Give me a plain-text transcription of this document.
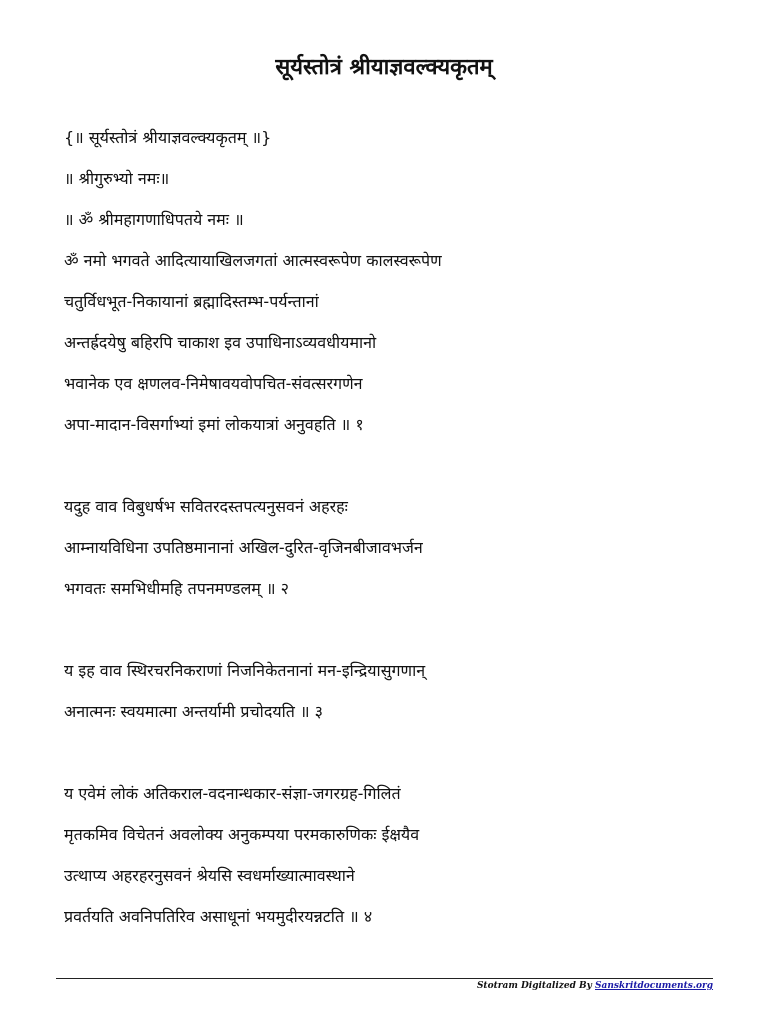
सूर्यस्तोत्रं श्रीयाज्ञवल्क्यकृतम्
{॥ सूर्यस्तोत्रं श्रीयाज्ञवल्क्यकृतम् ॥}
॥ श्रीगुरुभ्यो नमः॥
॥ ॐ श्रीमहागणाधिपतये नमः ॥
ॐ नमो भगवते आदित्यायाखिलजगतां आत्मस्वरूपेण कालस्वरूपेण
चतुर्विधभूत-निकायानां ब्रह्मादिस्तम्भ-पर्यन्तानां
अन्तर्ह्रदयेषु बहिरपि चाकाश इव उपाधिनाऽव्यवधीयमानो
भवानेक एव क्षणलव-निमेषावयवोपचित-संवत्सरगणेन
अपा-मादान-विसर्गाभ्यां इमां लोकयात्रां अनुवहति ॥ १
यदुह वाव विबुधर्षभ सवितरदस्तपत्यनुसवनं अहरहः
आम्नायविधिना उपतिष्ठमानानां अखिल-दुरित-वृजिनबीजावभर्जन
भगवतः समभिधीमहि तपनमण्डलम् ॥ २
य इह वाव स्थिरचरनिकराणां निजनिकेतनानां मन-इन्द्रियासुगणान्
अनात्मनः स्वयमात्मा अन्तर्यामी प्रचोदयति ॥ ३
य एवेमं लोकं अतिकराल-वदनान्धकार-संज्ञा-जगरग्रह-गिलितं
मृतकमिव विचेतनं अवलोक्य अनुकम्पया परमकारुणिकः ईक्षयैव
उत्थाप्य अहरहरनुसवनं श्रेयसि स्वधर्माख्यात्मावस्थाने
प्रवर्तयति अवनिपतिरिव असाधूनां भयमुदीरयन्नटति ॥ ४
Stotram Digitalized By Sanskritdocuments.org
